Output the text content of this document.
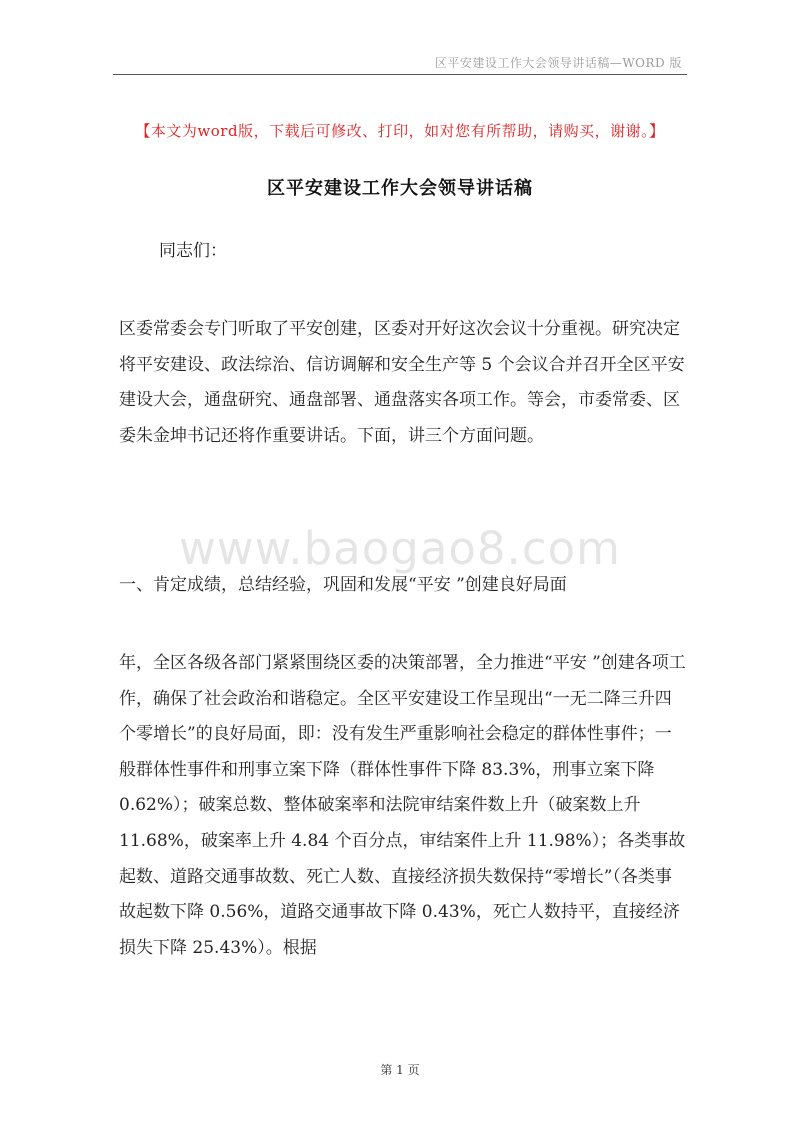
区平安建设工作大会领导讲话稿—WORD 版
【本文为word版，下载后可修改、打印，如对您有所帮助，请购买，谢谢。】
区平安建设工作大会领导讲话稿
同志们：
区委常委会专门听取了平安创建，区委对开好这次会议十分重视。研究决定将平安建设、政法综治、信访调解和安全生产等 5 个会议合并召开全区平安建设大会，通盘研究、通盘部署、通盘落实各项工作。等会，市委常委、区委朱金坤书记还将作重要讲话。下面，讲三个方面问题。
www.baogao8.com
一、肯定成绩，总结经验，巩固和发展“平安 ”创建良好局面
年，全区各级各部门紧紧围绕区委的决策部署，全力推进“平安 ”创建各项工作，确保了社会政治和谐稳定。全区平安建设工作呈现出“一无二降三升四个零增长”的良好局面，即：没有发生严重影响社会稳定的群体性事件；一般群体性事件和刑事立案下降（群体性事件下降 83.3%，刑事立案下降 0.62%）；破案总数、整体破案率和法院审结案件数上升（破案数上升 11.68%，破案率上升 4.84 个百分点，审结案件上升 11.98%）；各类事故起数、道路交通事故数、死亡人数、直接经济损失数保持“零增长”（各类事故起数下降 0.56%，道路交通事故下降 0.43%，死亡人数持平，直接经济损失下降 25.43%）。根据
第 1 页
